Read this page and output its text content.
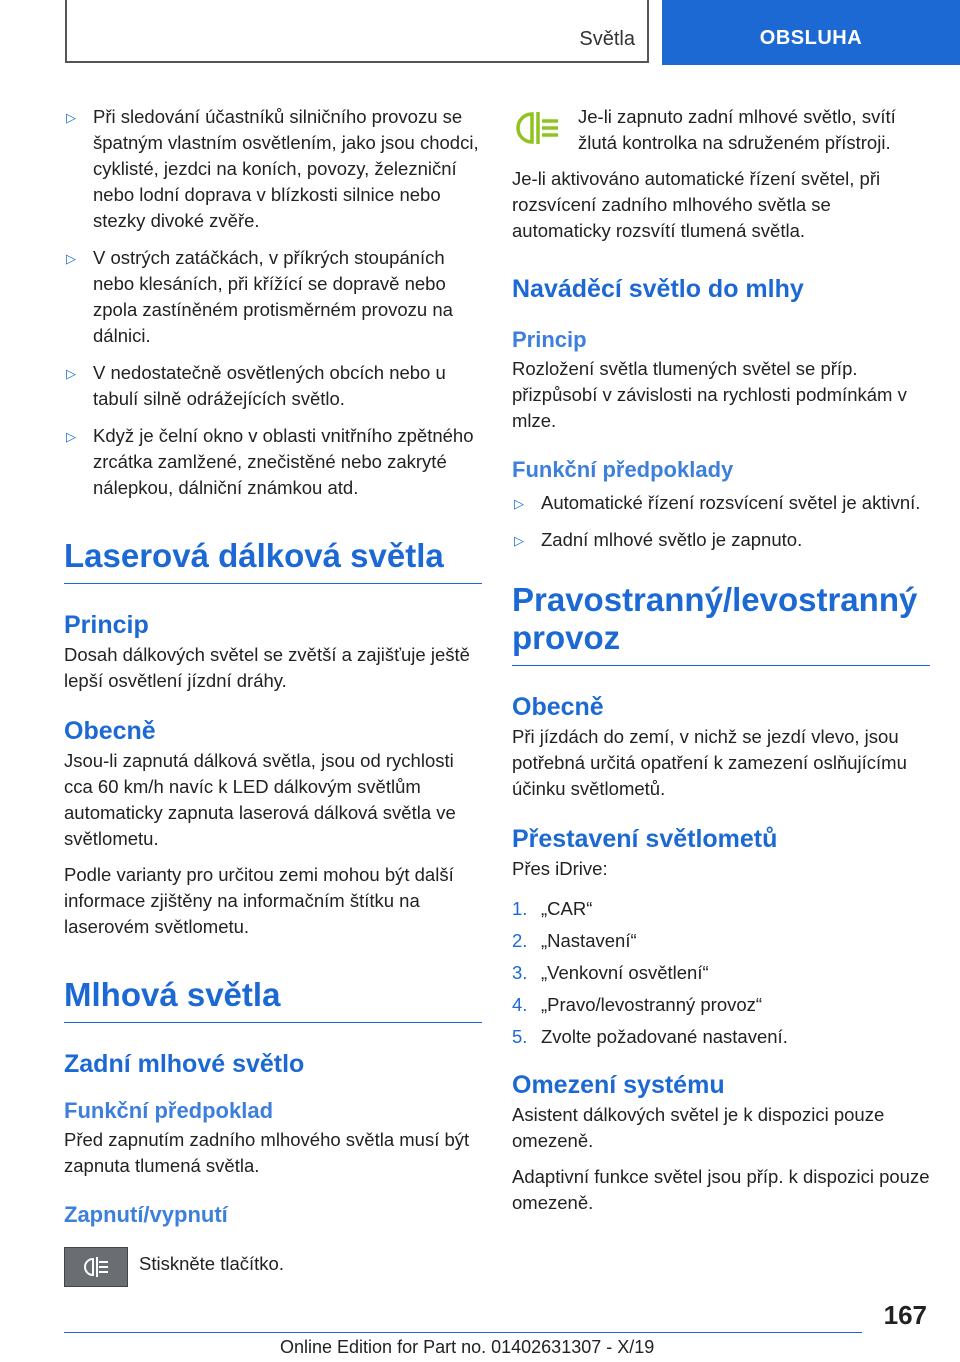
Světla	OBSLUHA
▷ Při sledování účastníků silničního provozu se špatným vlastním osvětlením, jako jsou chodci, cyklisté, jezdci na koních, povozy, železniční nebo lodní doprava v blízkosti silnice nebo stezky divoké zvěře.
▷ V ostrých zatáčkách, v příkrých stoupáních nebo klesáních, při křížící se dopravě nebo zpola zastíněném protisměrném provozu na dálnici.
▷ V nedostatečně osvětlených obcích nebo u tabulí silně odrážejících světlo.
▷ Když je čelní okno v oblasti vnitřního zpětného zrcátka zamlžené, znečistěné nebo zakryté nálepkou, dálniční známkou atd.
Laserová dálková světla
Princip

Dosah dálkových světel se zvětší a zajišťuje ještě lepší osvětlení jízdní dráhy.

Obecně

Jsou-li zapnutá dálková světla, jsou od rychlosti cca 60 km/h navíc k LED dálkovým světlům automaticky zapnuta laserová dálková světla ve světlometu.

Podle varianty pro určitou zemi mohou být další informace zjištěny na informačním štítku na laserovém světlometu.

Mlhová světla
Zadní mlhové světlo
Funkční předpoklad

Před zapnutím zadního mlhového světla musí být zapnuta tlumená světla.

Zapnutí/vypnutí

Stiskněte tlačítko.

Je-li zapnuto zadní mlhové světlo, svítí žlutá kontrolka na sdruženém přístroji.

Je-li aktivováno automatické řízení světel, při rozsvícení zadního mlhového světla se automaticky rozsvítí tlumená světla.

Naváděcí světlo do mlhy
Princip

Rozložení světla tlumených světel se příp. přizpůsobí v závislosti na rychlosti podmínkám v mlze.

Funkční předpoklady
▷ Automatické řízení rozsvícení světel je aktivní.
▷ Zadní mlhové světlo je zapnuto.
Pravostranný/levostranný provoz
Obecně

Při jízdách do zemí, v nichž se jezdí vlevo, jsou potřebná určitá opatření k zamezení oslňujícímu účinku světlometů.

Přestavení světlometů

Přes iDrive:

1. „CAR“
2. „Nastavení“
3. „Venkovní osvětlení“
4. „Pravo/levostranný provoz“
5. Zvolte požadované nastavení.
Omezení systému

Asistent dálkových světel je k dispozici pouze omezeně.

Adaptivní funkce světel jsou příp. k dispozici pouze omezeně.

167
Online Edition for Part no. 01402631307 - X/19
